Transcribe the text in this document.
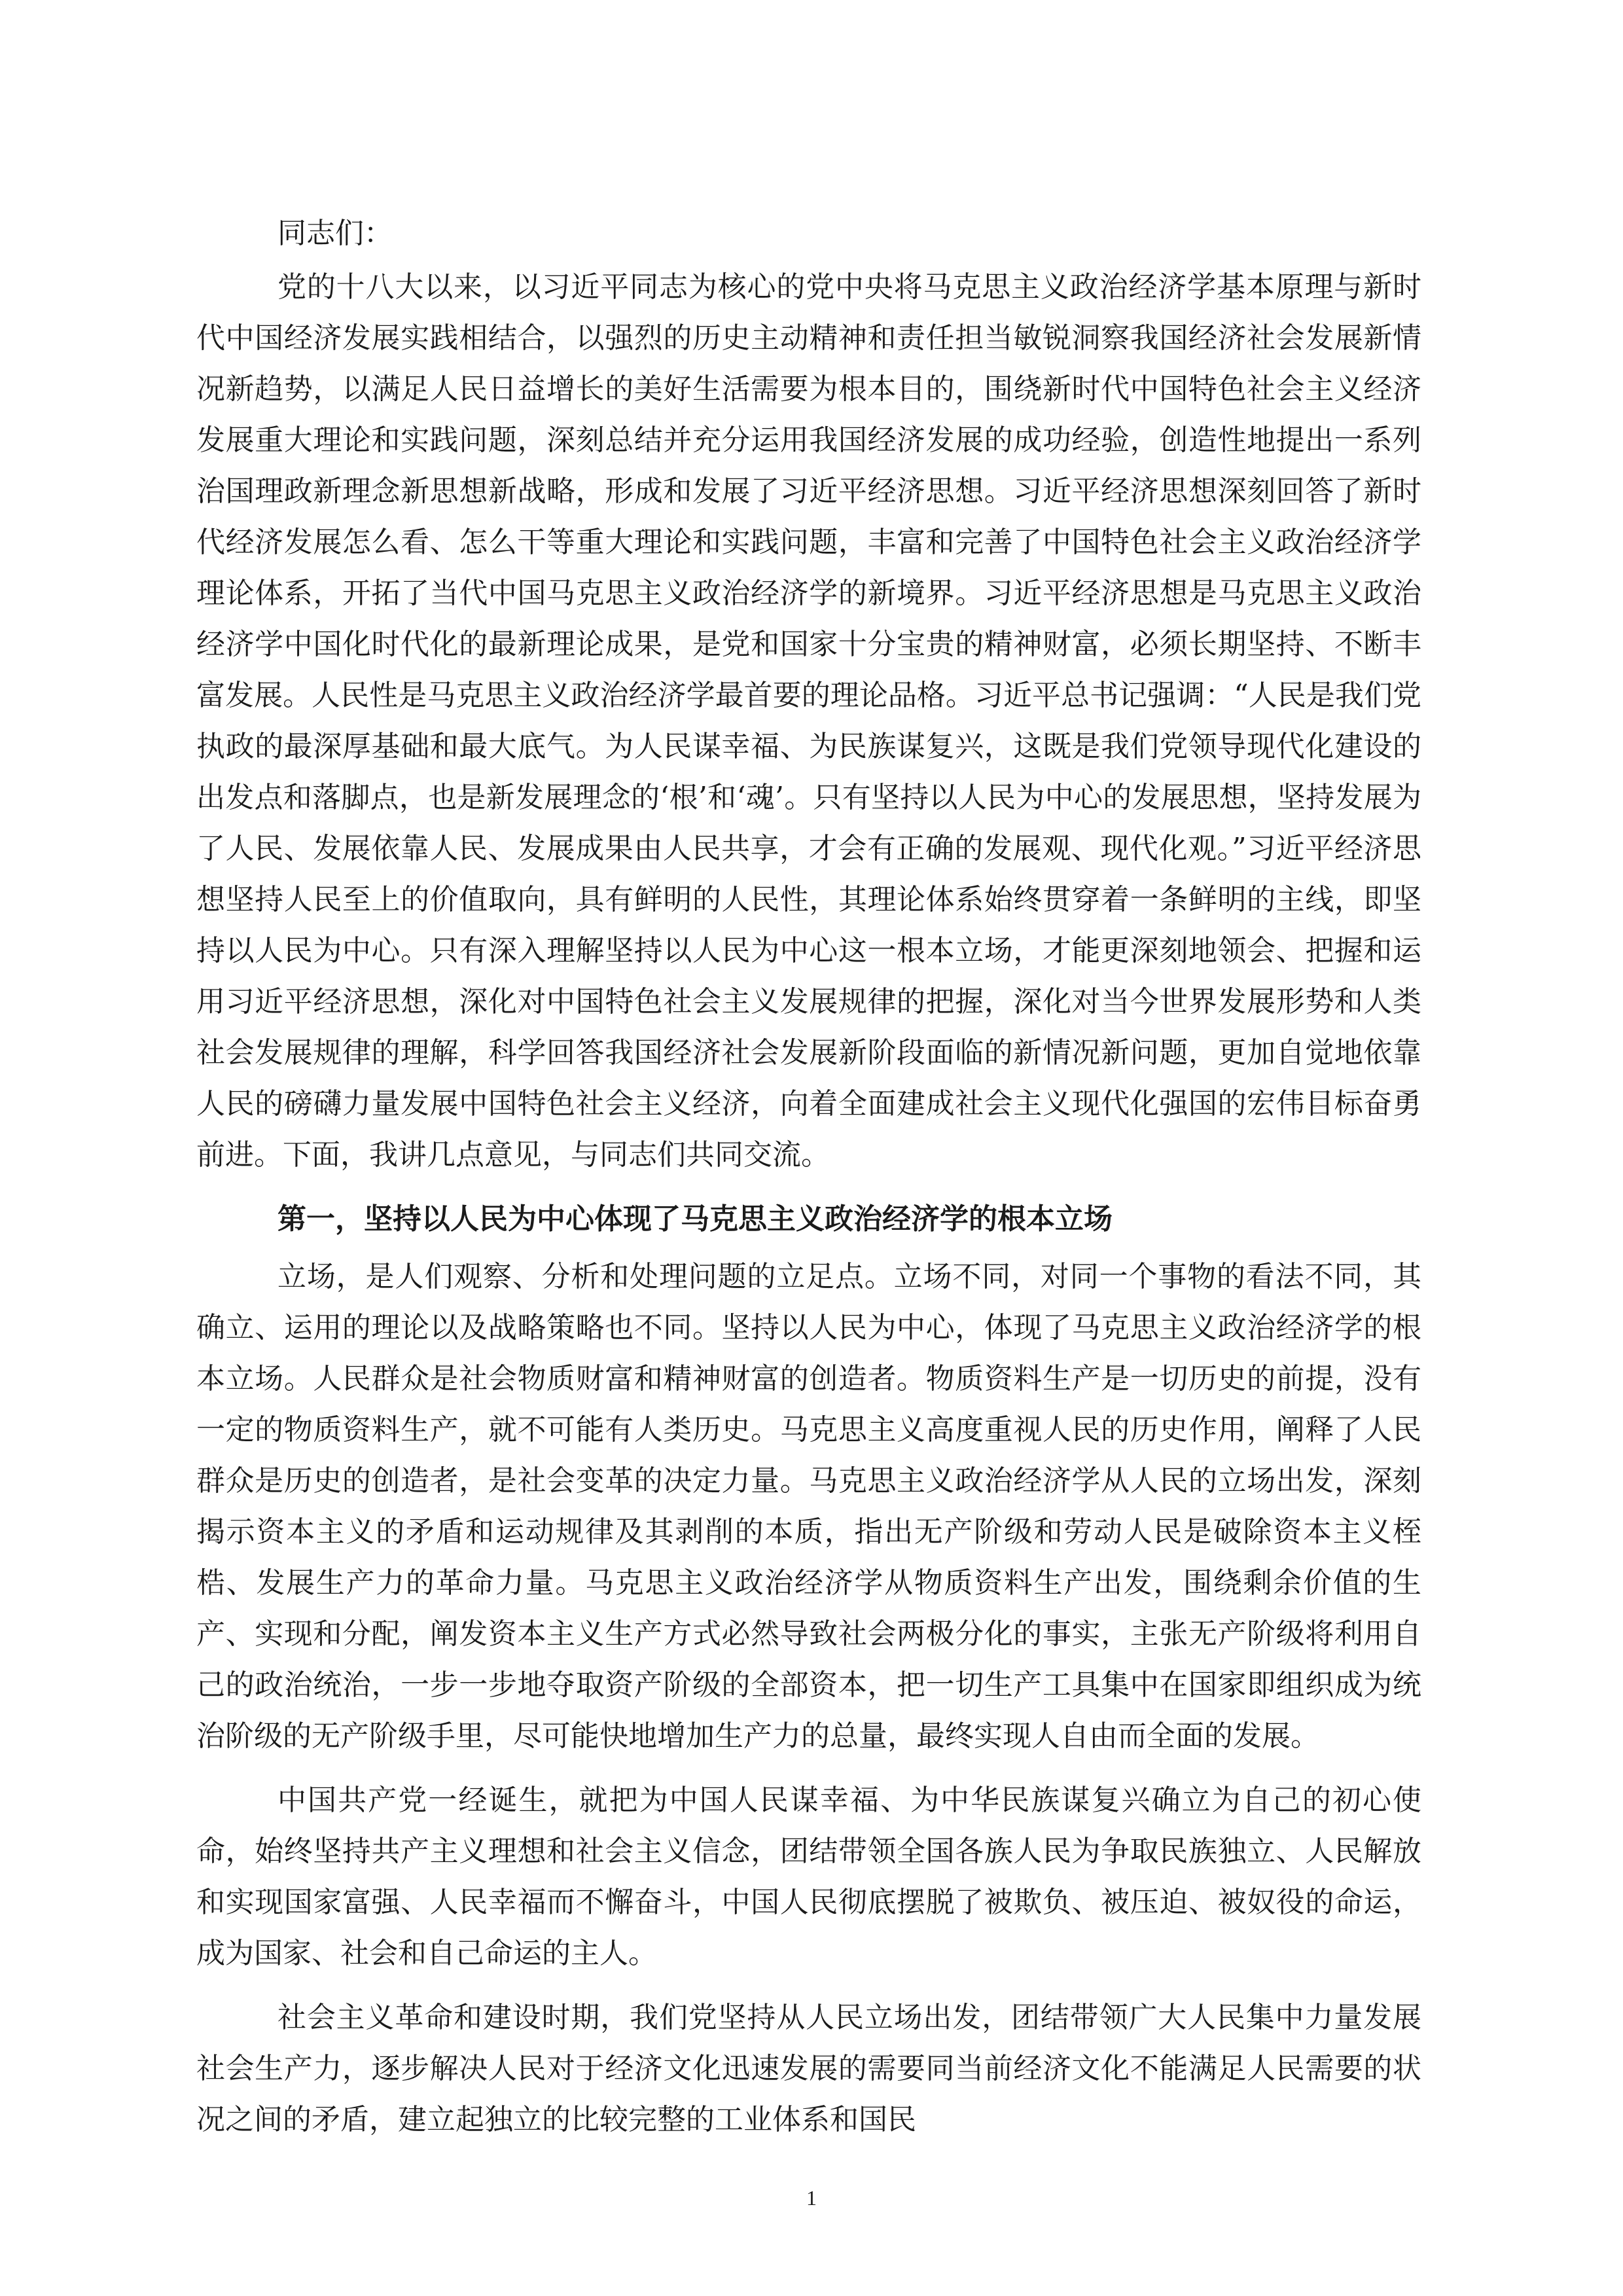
同志们：

党的十八大以来，以习近平同志为核心的党中央将马克思主义政治经济学基本原理与新时代中国经济发展实践相结合，以强烈的历史主动精神和责任担当敏锐洞察我国经济社会发展新情况新趋势，以满足人民日益增长的美好生活需要为根本目的，围绕新时代中国特色社会主义经济发展重大理论和实践问题，深刻总结并充分运用我国经济发展的成功经验，创造性地提出一系列治国理政新理念新思想新战略，形成和发展了习近平经济思想。习近平经济思想深刻回答了新时代经济发展怎么看、怎么干等重大理论和实践问题，丰富和完善了中国特色社会主义政治经济学理论体系，开拓了当代中国马克思主义政治经济学的新境界。习近平经济思想是马克思主义政治经济学中国化时代化的最新理论成果，是党和国家十分宝贵的精神财富，必须长期坚持、不断丰富发展。人民性是马克思主义政治经济学最首要的理论品格。习近平总书记强调：“人民是我们党执政的最深厚基础和最大底气。为人民谋幸福、为民族谋复兴，这既是我们党领导现代化建设的出发点和落脚点，也是新发展理念的‘根’和‘魂’。只有坚持以人民为中心的发展思想，坚持发展为了人民、发展依靠人民、发展成果由人民共享，才会有正确的发展观、现代化观。”习近平经济思想坚持人民至上的价值取向，具有鲜明的人民性，其理论体系始终贯穿着一条鲜明的主线，即坚持以人民为中心。只有深入理解坚持以人民为中心这一根本立场，才能更深刻地领会、把握和运用习近平经济思想，深化对中国特色社会主义发展规律的把握，深化对当今世界发展形势和人类社会发展规律的理解，科学回答我国经济社会发展新阶段面临的新情况新问题，更加自觉地依靠人民的磅礴力量发展中国特色社会主义经济，向着全面建成社会主义现代化强国的宏伟目标奋勇前进。下面，我讲几点意见，与同志们共同交流。

第一，坚持以人民为中心体现了马克思主义政治经济学的根本立场

立场，是人们观察、分析和处理问题的立足点。立场不同，对同一个事物的看法不同，其确立、运用的理论以及战略策略也不同。坚持以人民为中心，体现了马克思主义政治经济学的根本立场。人民群众是社会物质财富和精神财富的创造者。物质资料生产是一切历史的前提，没有一定的物质资料生产，就不可能有人类历史。马克思主义高度重视人民的历史作用，阐释了人民群众是历史的创造者，是社会变革的决定力量。马克思主义政治经济学从人民的立场出发，深刻揭示资本主义的矛盾和运动规律及其剥削的本质，指出无产阶级和劳动人民是破除资本主义桎梏、发展生产力的革命力量。马克思主义政治经济学从物质资料生产出发，围绕剩余价值的生产、实现和分配，阐发资本主义生产方式必然导致社会两极分化的事实，主张无产阶级将利用自己的政治统治，一步一步地夺取资产阶级的全部资本，把一切生产工具集中在国家即组织成为统治阶级的无产阶级手里，尽可能快地增加生产力的总量，最终实现人自由而全面的发展。

中国共产党一经诞生，就把为中国人民谋幸福、为中华民族谋复兴确立为自己的初心使命，始终坚持共产主义理想和社会主义信念，团结带领全国各族人民为争取民族独立、人民解放和实现国家富强、人民幸福而不懈奋斗，中国人民彻底摆脱了被欺负、被压迫、被奴役的命运，成为国家、社会和自己命运的主人。

社会主义革命和建设时期，我们党坚持从人民立场出发，团结带领广大人民集中力量发展社会生产力，逐步解决人民对于经济文化迅速发展的需要同当前经济文化不能满足人民需要的状况之间的矛盾，建立起独立的比较完整的工业体系和国民

1
